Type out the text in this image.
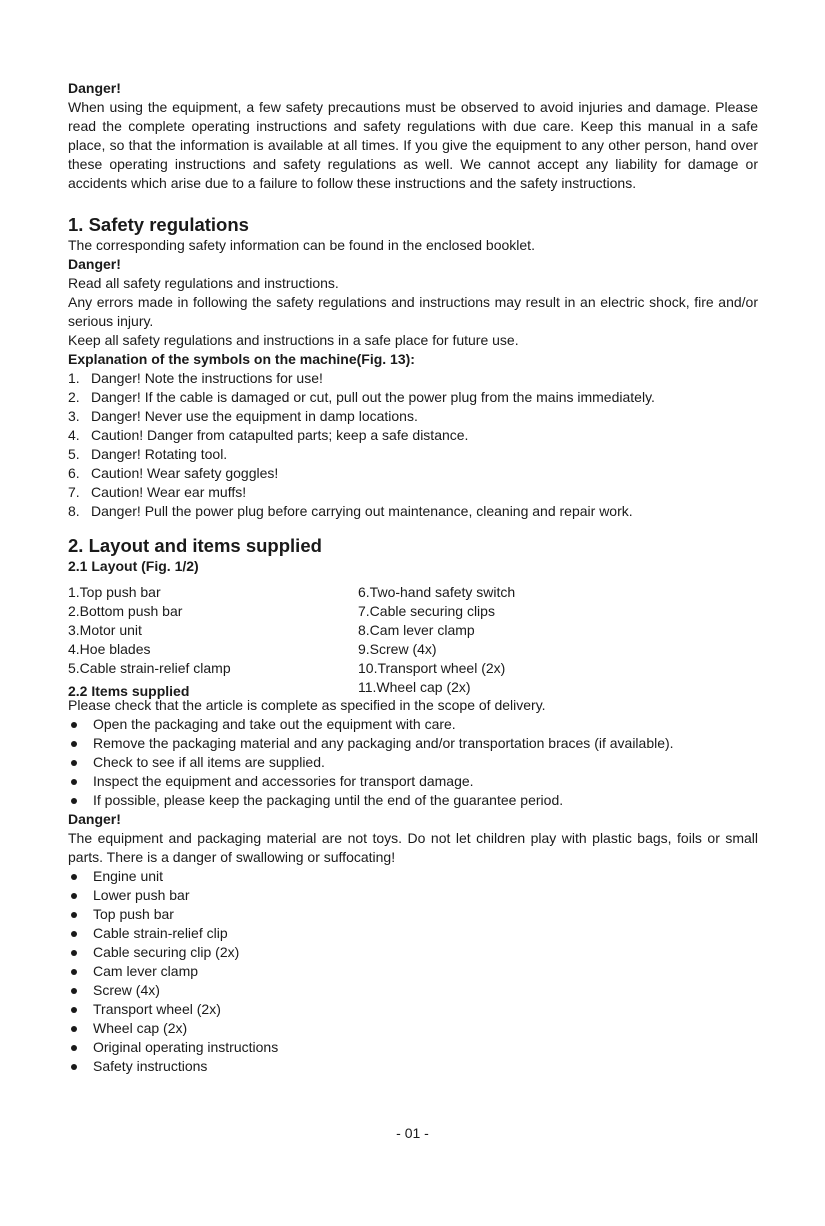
Danger!

When using the equipment, a few safety precautions must be observed to avoid injuries and damage. Please read the complete operating instructions and safety regulations with due care. Keep this manual in a safe place, so that the information is available at all times. If you give the equipment to any other person, hand over these operating instructions and safety regulations as well. We cannot accept any liability for damage or accidents which arise due to a failure to follow these instructions and the safety instructions.

1. Safety regulations

The corresponding safety information can be found in the enclosed booklet.

Danger!

Read all safety regulations and instructions.

Any errors made in following the safety regulations and instructions may result in an electric shock, fire and/or serious injury.

Keep all safety regulations and instructions in a safe place for future use.

Explanation of the symbols on the machine(Fig. 13):

1. Danger! Note the instructions for use!
2. Danger! If the cable is damaged or cut, pull out the power plug from the mains immediately.
3. Danger! Never use the equipment in damp locations.
4. Caution! Danger from catapulted parts; keep a safe distance.
5. Danger! Rotating tool.
6. Caution! Wear safety goggles!
7. Caution! Wear ear muffs!
8. Danger! Pull the power plug before carrying out maintenance, cleaning and repair work.
2. Layout and items supplied

2.1 Layout (Fig. 1/2)

1.Top push bar
2.Bottom push bar
3.Motor unit
4.Hoe blades
5.Cable strain-relief clamp
6.Two-hand safety switch
7.Cable securing clips
8.Cam lever clamp
9.Screw (4x)
10.Transport wheel (2x)
11.Wheel cap (2x)

2.2 Items supplied

Please check that the article is complete as specified in the scope of delivery.

Open the packaging and take out the equipment with care.
Remove the packaging material and any packaging and/or transportation braces (if available).
Check to see if all items are supplied.
Inspect the equipment and accessories for transport damage.
If possible, please keep the packaging until the end of the guarantee period.

Danger!

The equipment and packaging material are not toys. Do not let children play with plastic bags, foils or small parts. There is a danger of swallowing or suffocating!

Engine unit
Lower push bar
Top push bar
Cable strain-relief clip
Cable securing clip (2x)
Cam lever clamp
Screw (4x)
Transport wheel (2x)
Wheel cap (2x)
Original operating instructions
Safety instructions
- 01 -
